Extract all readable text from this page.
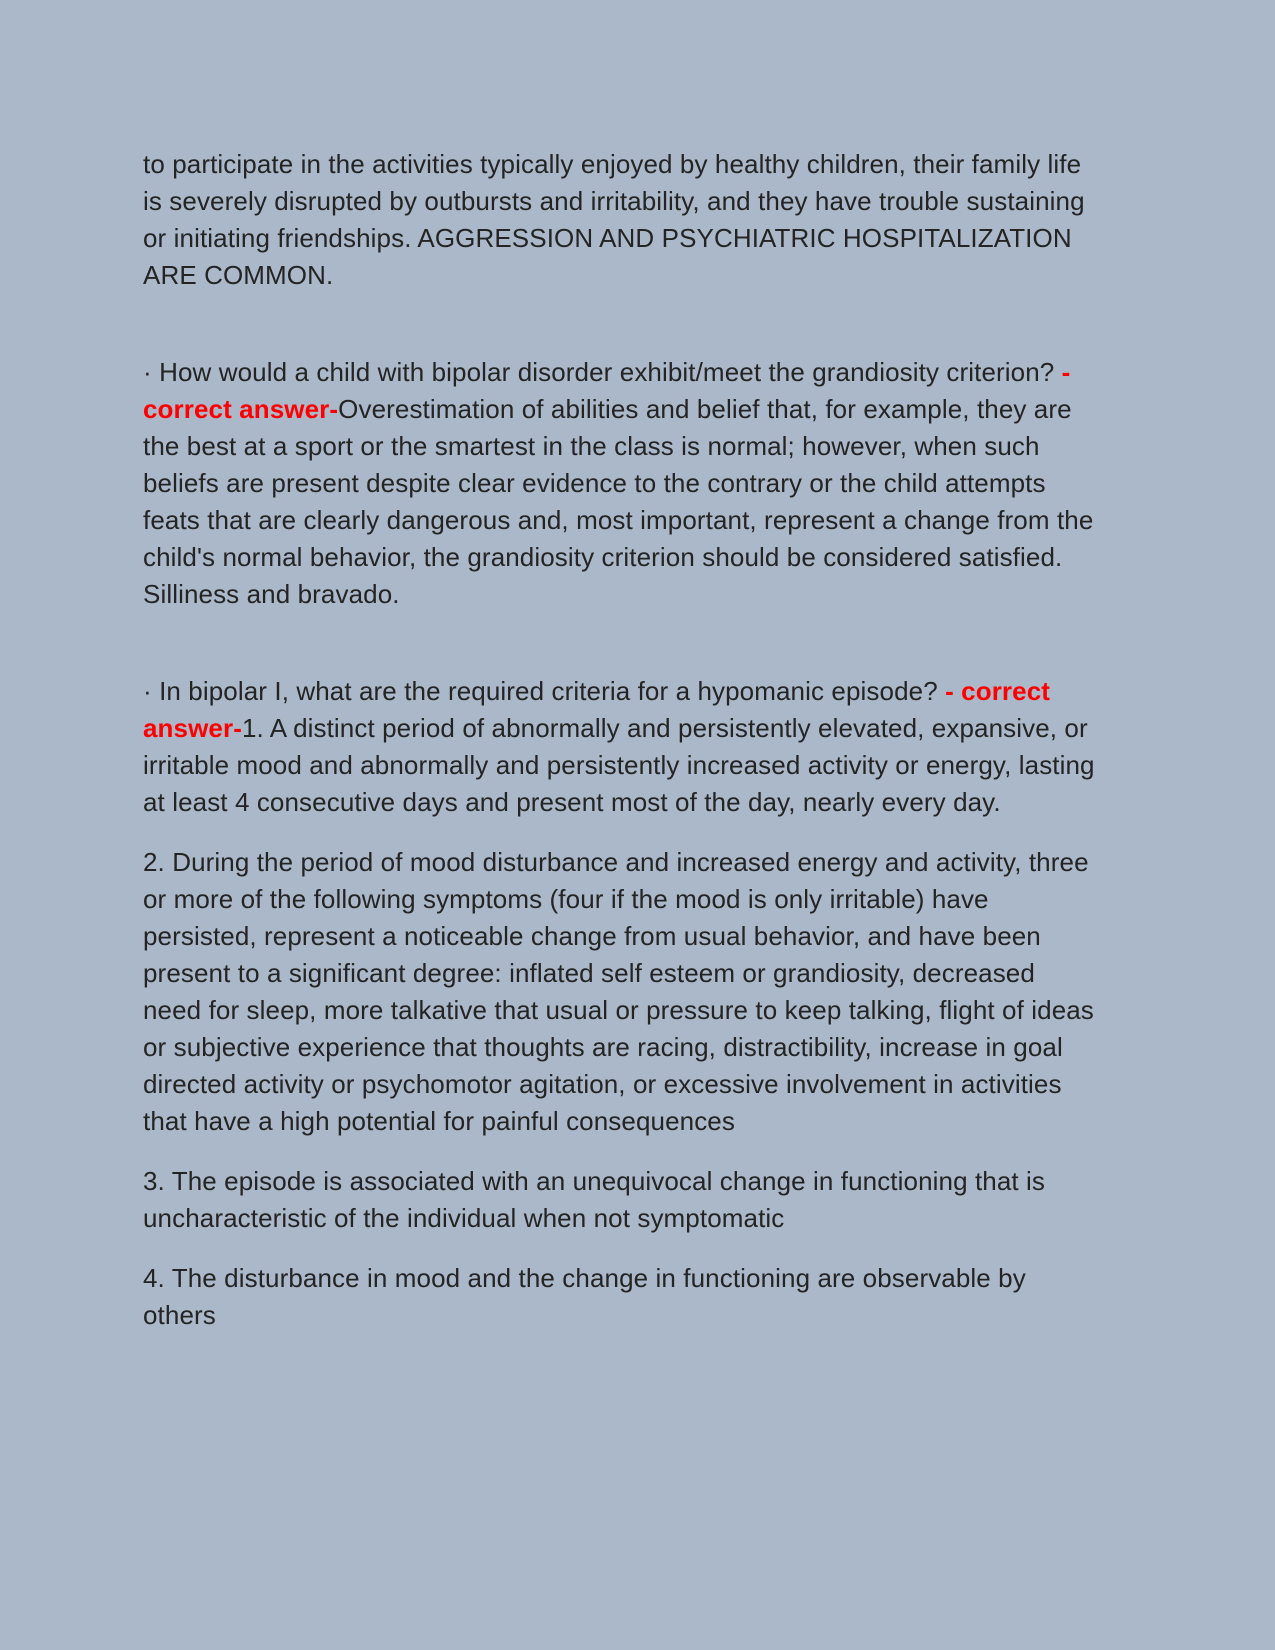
to participate in the activities typically enjoyed by healthy children, their family life is severely disrupted by outbursts and irritability, and they have trouble sustaining or initiating friendships. AGGRESSION AND PSYCHIATRIC HOSPITALIZATION ARE COMMON.

· How would a child with bipolar disorder exhibit/meet the grandiosity criterion? - correct answer-Overestimation of abilities and belief that, for example, they are the best at a sport or the smartest in the class is normal; however, when such beliefs are present despite clear evidence to the contrary or the child attempts feats that are clearly dangerous and, most important, represent a change from the child's normal behavior, the grandiosity criterion should be considered satisfied. Silliness and bravado.

· In bipolar I, what are the required criteria for a hypomanic episode? - correct answer-1. A distinct period of abnormally and persistently elevated, expansive, or irritable mood and abnormally and persistently increased activity or energy, lasting at least 4 consecutive days and present most of the day, nearly every day.

2. During the period of mood disturbance and increased energy and activity, three or more of the following symptoms (four if the mood is only irritable) have persisted, represent a noticeable change from usual behavior, and have been present to a significant degree: inflated self esteem or grandiosity, decreased need for sleep, more talkative that usual or pressure to keep talking, flight of ideas or subjective experience that thoughts are racing, distractibility, increase in goal directed activity or psychomotor agitation, or excessive involvement in activities that have a high potential for painful consequences

3. The episode is associated with an unequivocal change in functioning that is uncharacteristic of the individual when not symptomatic

4. The disturbance in mood and the change in functioning are observable by others
